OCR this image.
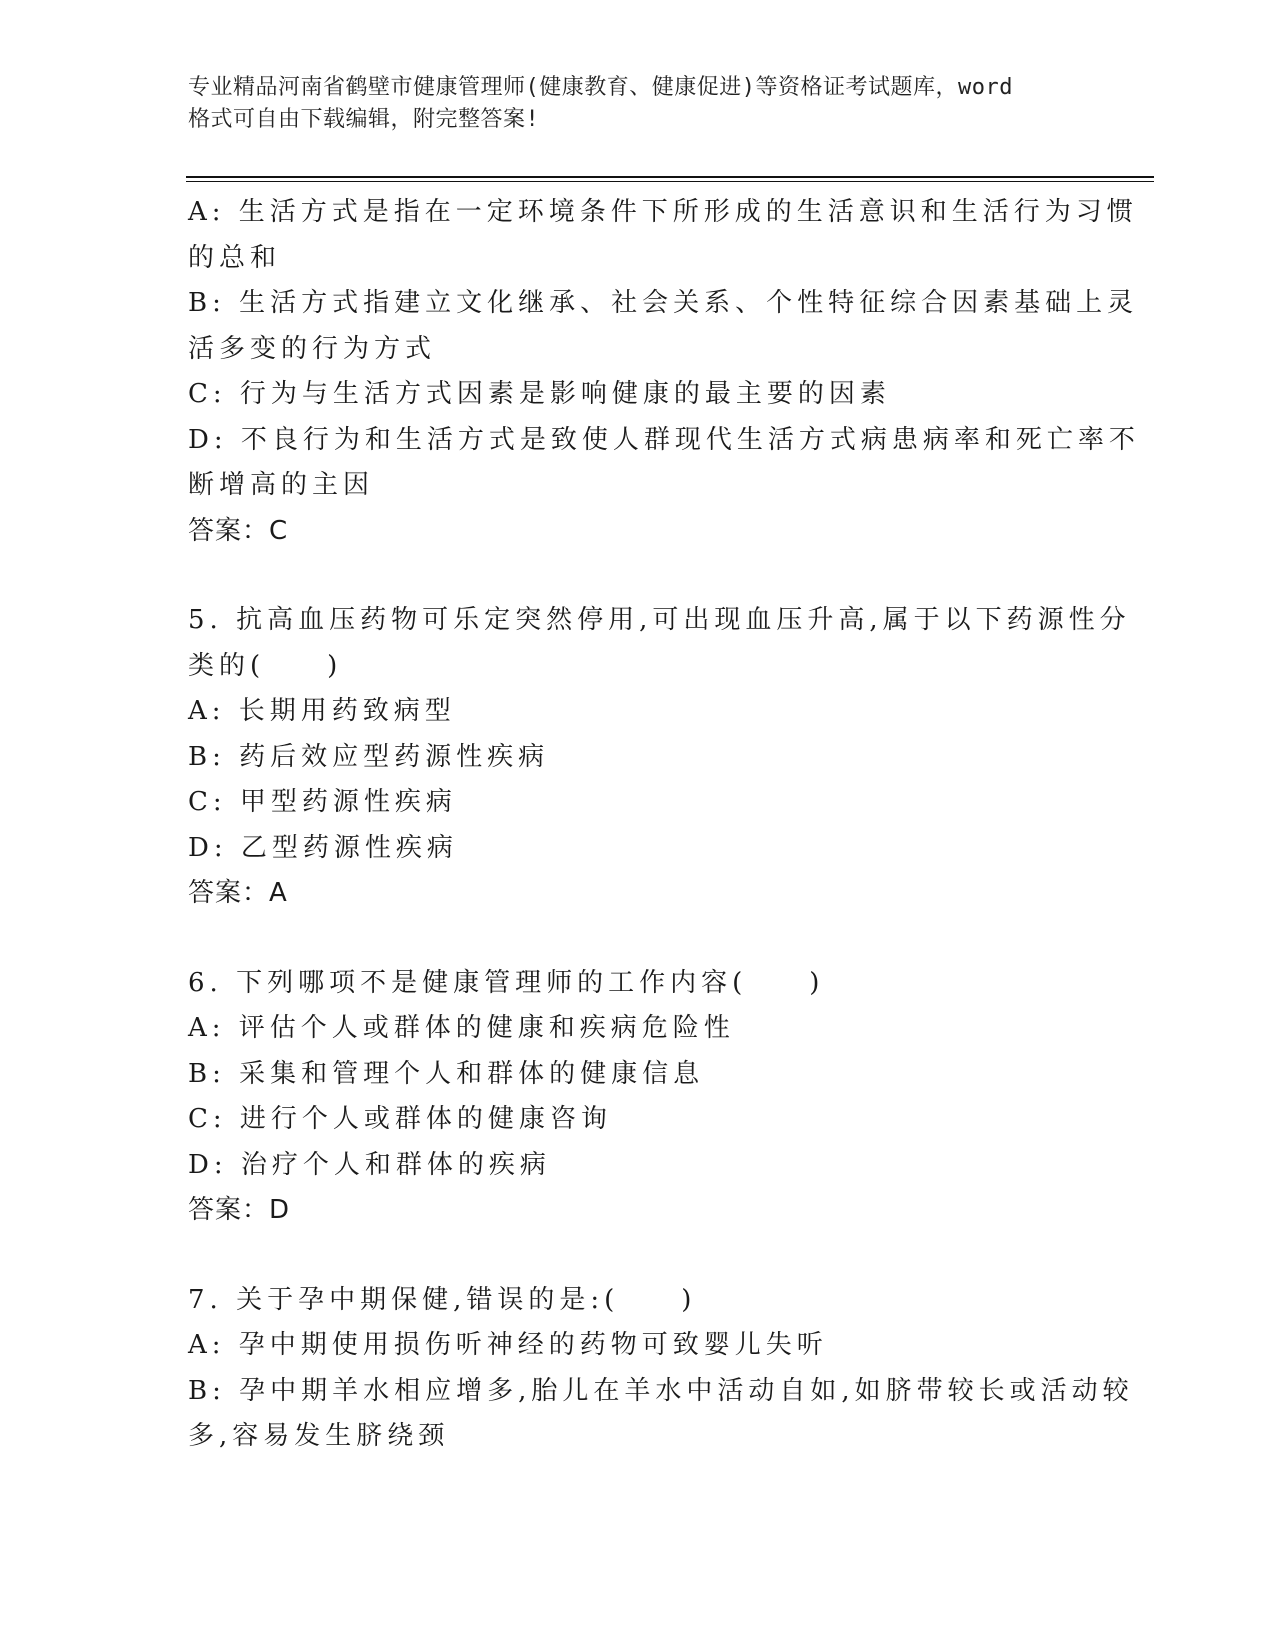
专业精品河南省鹤壁市健康管理师(健康教育、健康促进)等资格证考试题库，word
格式可自由下载编辑，附完整答案!
A: 生活方式是指在一定环境条件下所形成的生活意识和生活行为习惯
的总和
B: 生活方式指建立文化继承、社会关系、个性特征综合因素基础上灵
活多变的行为方式
C: 行为与生活方式因素是影响健康的最主要的因素
D: 不良行为和生活方式是致使人群现代生活方式病患病率和死亡率不
断增高的主因
答案：C
5. 抗高血压药物可乐定突然停用,可出现血压升高,属于以下药源性分
类的(　　)
A: 长期用药致病型
B: 药后效应型药源性疾病
C: 甲型药源性疾病
D: 乙型药源性疾病
答案：A
6. 下列哪项不是健康管理师的工作内容(　　)
A: 评估个人或群体的健康和疾病危险性
B: 采集和管理个人和群体的健康信息
C: 进行个人或群体的健康咨询
D: 治疗个人和群体的疾病
答案：D
7. 关于孕中期保健,错误的是:(　　)
A: 孕中期使用损伤听神经的药物可致婴儿失听
B: 孕中期羊水相应增多,胎儿在羊水中活动自如,如脐带较长或活动较
多,容易发生脐绕颈
